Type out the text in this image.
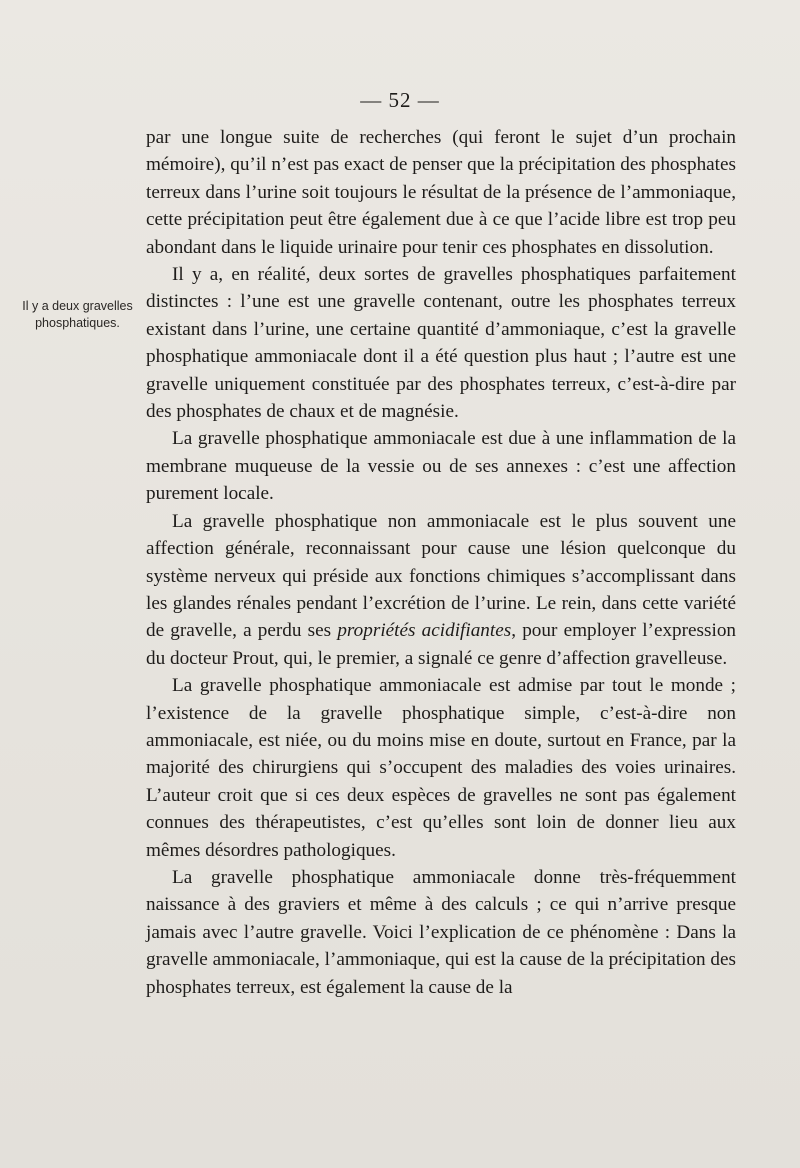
— 52 —
Il y a deux gravelles phosphatiques.

par une longue suite de recherches (qui feront le sujet d’un prochain mémoire), qu’il n’est pas exact de penser que la précipitation des phosphates terreux dans l’urine soit toujours le résultat de la présence de l’ammoniaque, cette précipitation peut être également due à ce que l’acide libre est trop peu abondant dans le liquide urinaire pour tenir ces phosphates en dissolution.

Il y a, en réalité, deux sortes de gravelles phosphatiques parfaitement distinctes : l’une est une gravelle contenant, outre les phosphates terreux existant dans l’urine, une certaine quantité d’ammoniaque, c’est la gravelle phosphatique ammoniacale dont il a été question plus haut ; l’autre est une gravelle uniquement constituée par des phosphates terreux, c’est-à-dire par des phosphates de chaux et de magnésie.

La gravelle phosphatique ammoniacale est due à une inflammation de la membrane muqueuse de la vessie ou de ses annexes : c’est une affection purement locale.

La gravelle phosphatique non ammoniacale est le plus souvent une affection générale, reconnaissant pour cause une lésion quelconque du système nerveux qui préside aux fonctions chimiques s’accomplissant dans les glandes rénales pendant l’excrétion de l’urine. Le rein, dans cette variété de gravelle, a perdu ses propriétés acidifiantes, pour employer l’expression du docteur Prout, qui, le premier, a signalé ce genre d’affection gravelleuse.

La gravelle phosphatique ammoniacale est admise par tout le monde ; l’existence de la gravelle phosphatique simple, c’est-à-dire non ammoniacale, est niée, ou du moins mise en doute, surtout en France, par la majorité des chirurgiens qui s’occupent des maladies des voies urinaires. L’auteur croit que si ces deux espèces de gravelles ne sont pas également connues des thérapeutistes, c’est qu’elles sont loin de donner lieu aux mêmes désordres pathologiques.

La gravelle phosphatique ammoniacale donne très-fréquemment naissance à des graviers et même à des calculs ; ce qui n’arrive presque jamais avec l’autre gravelle. Voici l’explication de ce phénomène : Dans la gravelle ammoniacale, l’ammoniaque, qui est la cause de la précipitation des phosphates terreux, est également la cause de la
